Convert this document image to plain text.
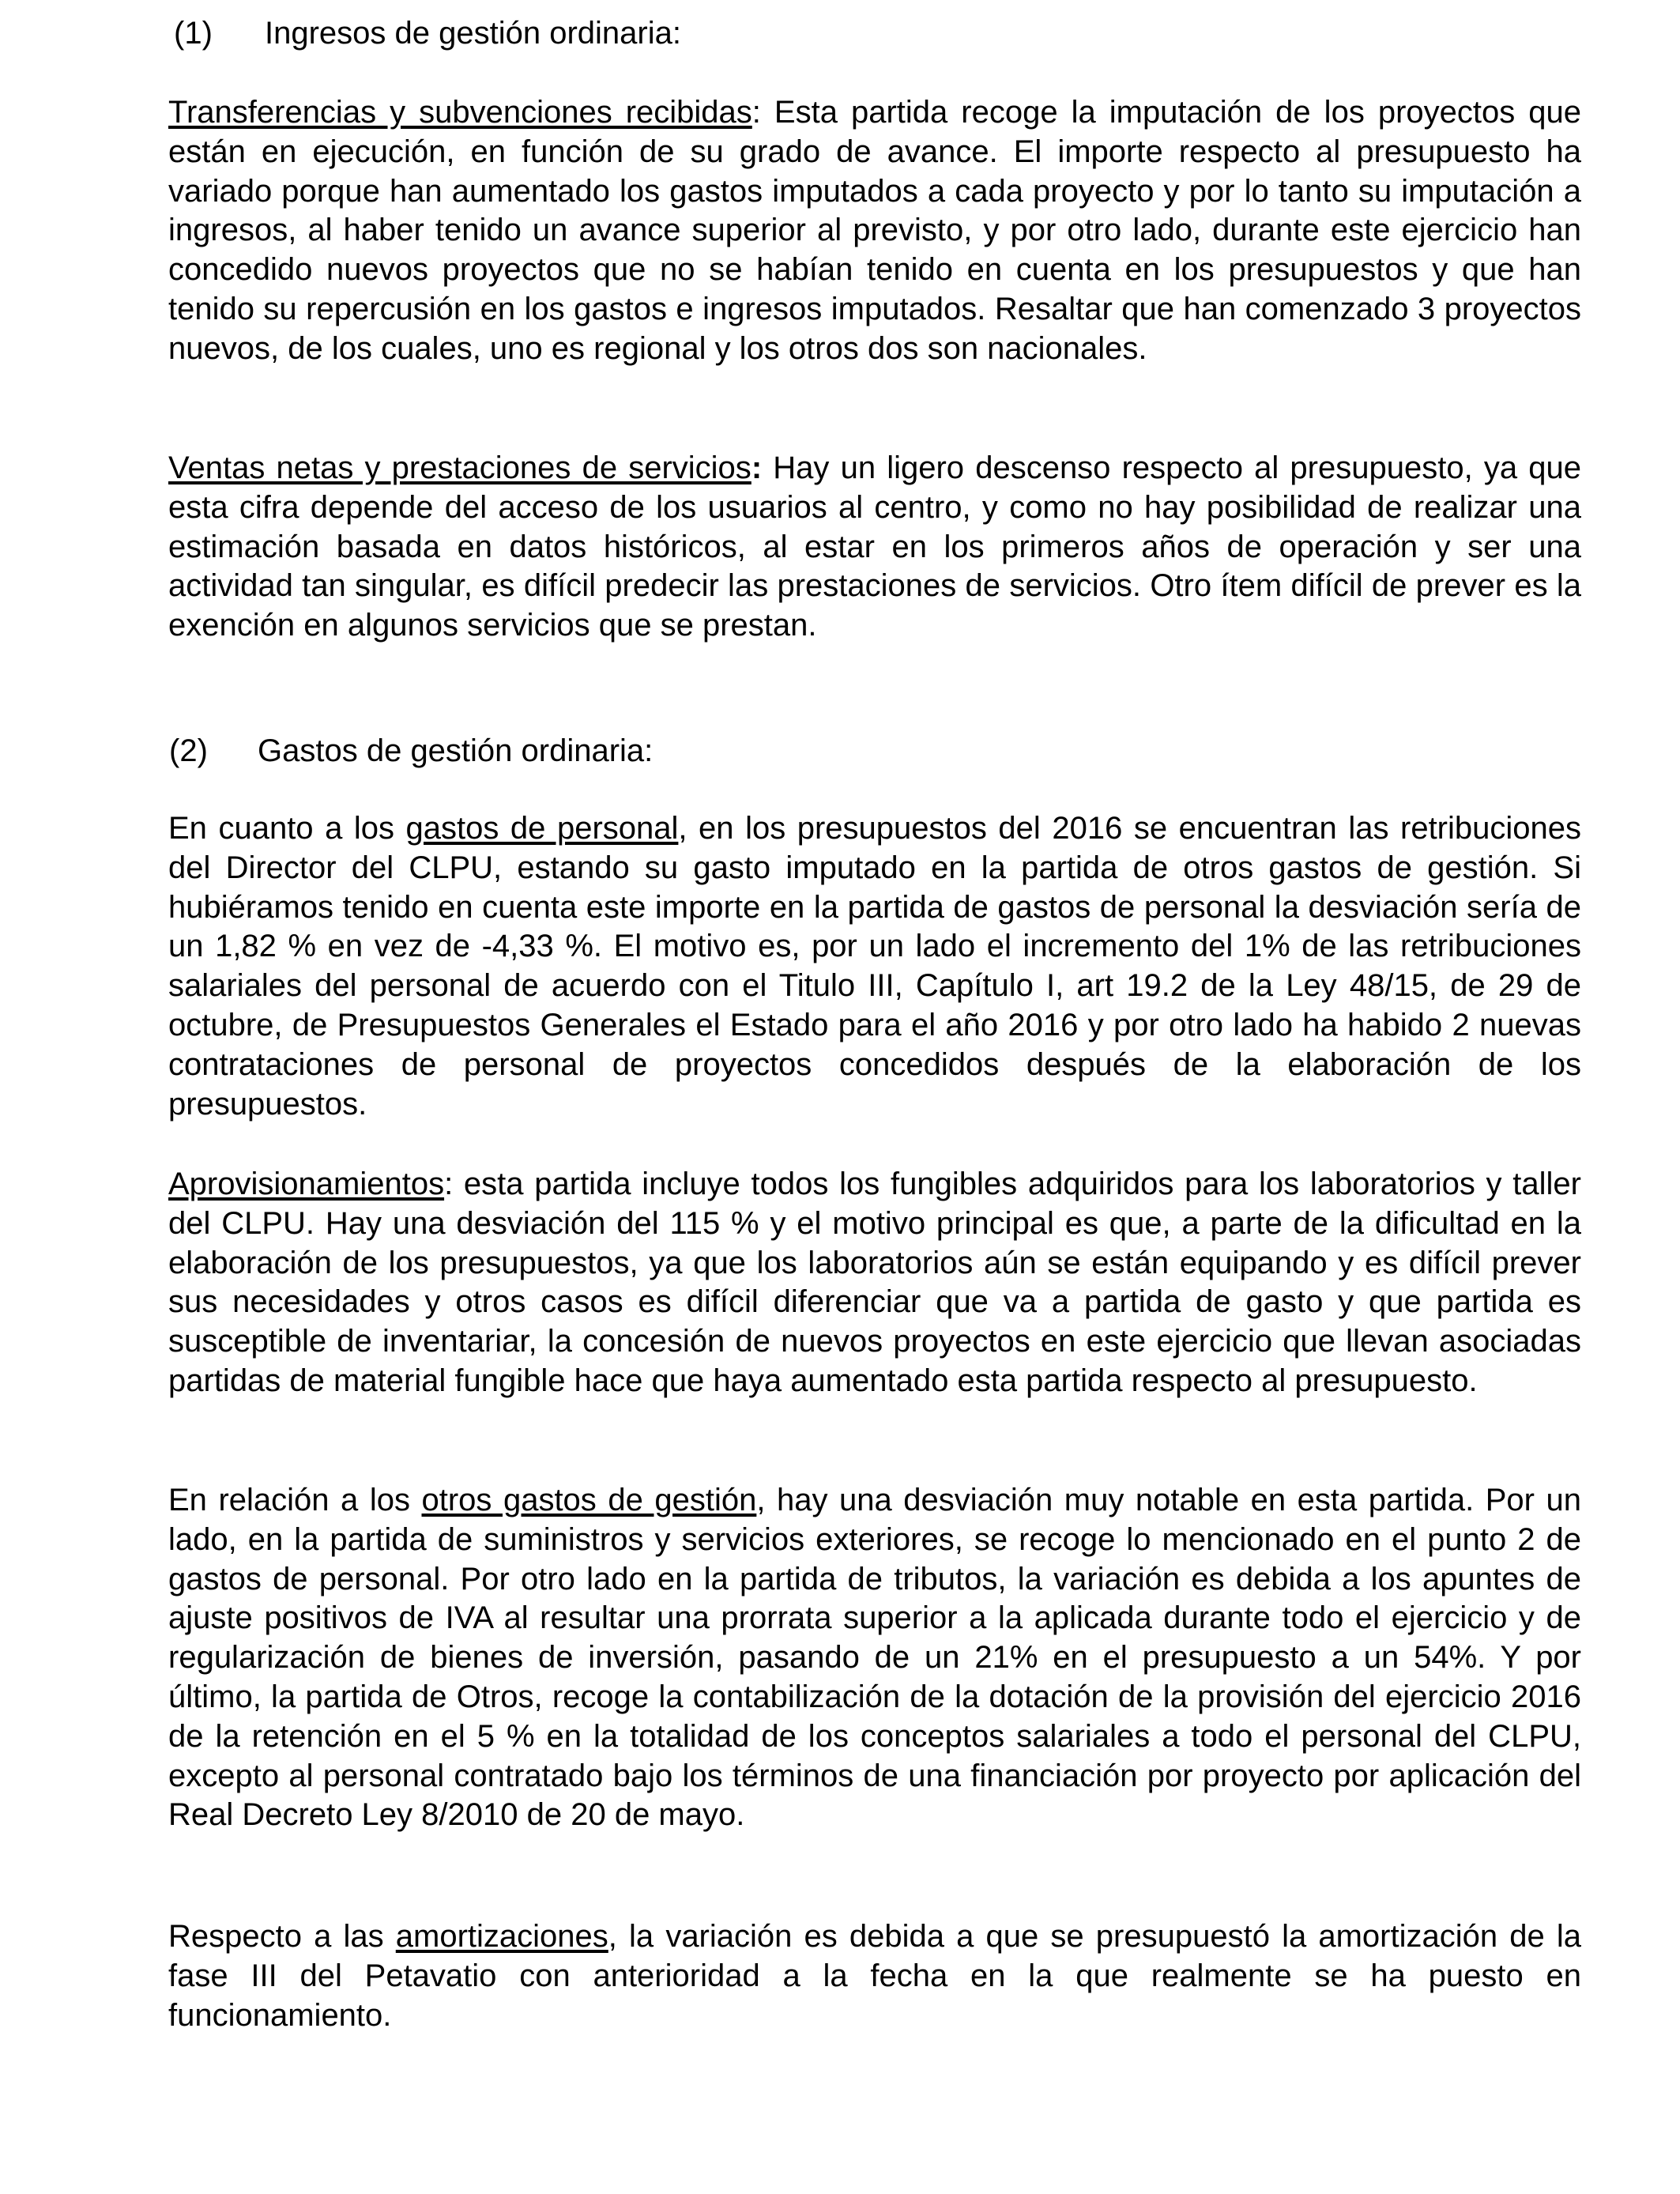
(1) Ingresos de gestión ordinaria:
Transferencias y subvenciones recibidas: Esta partida recoge la imputación de los proyectos que están en ejecución, en función de su grado de avance. El importe respecto al presupuesto ha variado porque han aumentado los gastos imputados a cada proyecto y por lo tanto su imputación a ingresos, al haber tenido un avance superior al previsto, y por otro lado, durante este ejercicio han concedido nuevos proyectos que no se habían tenido en cuenta en los presupuestos y que han tenido su repercusión en los gastos e ingresos imputados. Resaltar que han comenzado 3 proyectos nuevos, de los cuales, uno es regional y los otros dos son nacionales.
Ventas netas y prestaciones de servicios: Hay un ligero descenso respecto al presupuesto, ya que esta cifra depende del acceso de los usuarios al centro, y como no hay posibilidad de realizar una estimación basada en datos históricos, al estar en los primeros años de operación y ser una actividad tan singular, es difícil predecir las prestaciones de servicios. Otro ítem difícil de prever es la exención en algunos servicios que se prestan.
(2) Gastos de gestión ordinaria:
En cuanto a los gastos de personal, en los presupuestos del 2016 se encuentran las retribuciones del Director del CLPU, estando su gasto imputado en la partida de otros gastos de gestión. Si hubiéramos tenido en cuenta este importe en la partida de gastos de personal la desviación sería de un 1,82 % en vez de -4,33 %. El motivo es, por un lado el incremento del 1% de las retribuciones salariales del personal de acuerdo con el Titulo III, Capítulo I, art 19.2 de la Ley 48/15, de 29 de octubre, de Presupuestos Generales el Estado para el año 2016 y por otro lado ha habido 2 nuevas contrataciones de personal de proyectos concedidos después de la elaboración de los presupuestos.
Aprovisionamientos: esta partida incluye todos los fungibles adquiridos para los laboratorios y taller del CLPU. Hay una desviación del 115 % y el motivo principal es que, a parte de la dificultad en la elaboración de los presupuestos, ya que los laboratorios aún se están equipando y es difícil prever sus necesidades y otros casos es difícil diferenciar que va a partida de gasto y que partida es susceptible de inventariar, la concesión de nuevos proyectos en este ejercicio que llevan asociadas partidas de material fungible hace que haya aumentado esta partida respecto al presupuesto.
En relación a los otros gastos de gestión, hay una desviación muy notable en esta partida. Por un lado, en la partida de suministros y servicios exteriores, se recoge lo mencionado en el punto 2 de gastos de personal. Por otro lado en la partida de tributos, la variación es debida a los apuntes de ajuste positivos de IVA al resultar una prorrata superior a la aplicada durante todo el ejercicio y de regularización de bienes de inversión, pasando de un 21% en el presupuesto a un 54%. Y por último, la partida de Otros, recoge la contabilización de la dotación de la provisión del ejercicio 2016 de la retención en el 5 % en la totalidad de los conceptos salariales a todo el personal del CLPU, excepto al personal contratado bajo los términos de una financiación por proyecto por aplicación del Real Decreto Ley 8/2010 de 20 de mayo.
Respecto a las amortizaciones, la variación es debida a que se presupuestó la amortización de la fase III del Petavatio con anterioridad a la fecha en la que realmente se ha puesto en funcionamiento.
